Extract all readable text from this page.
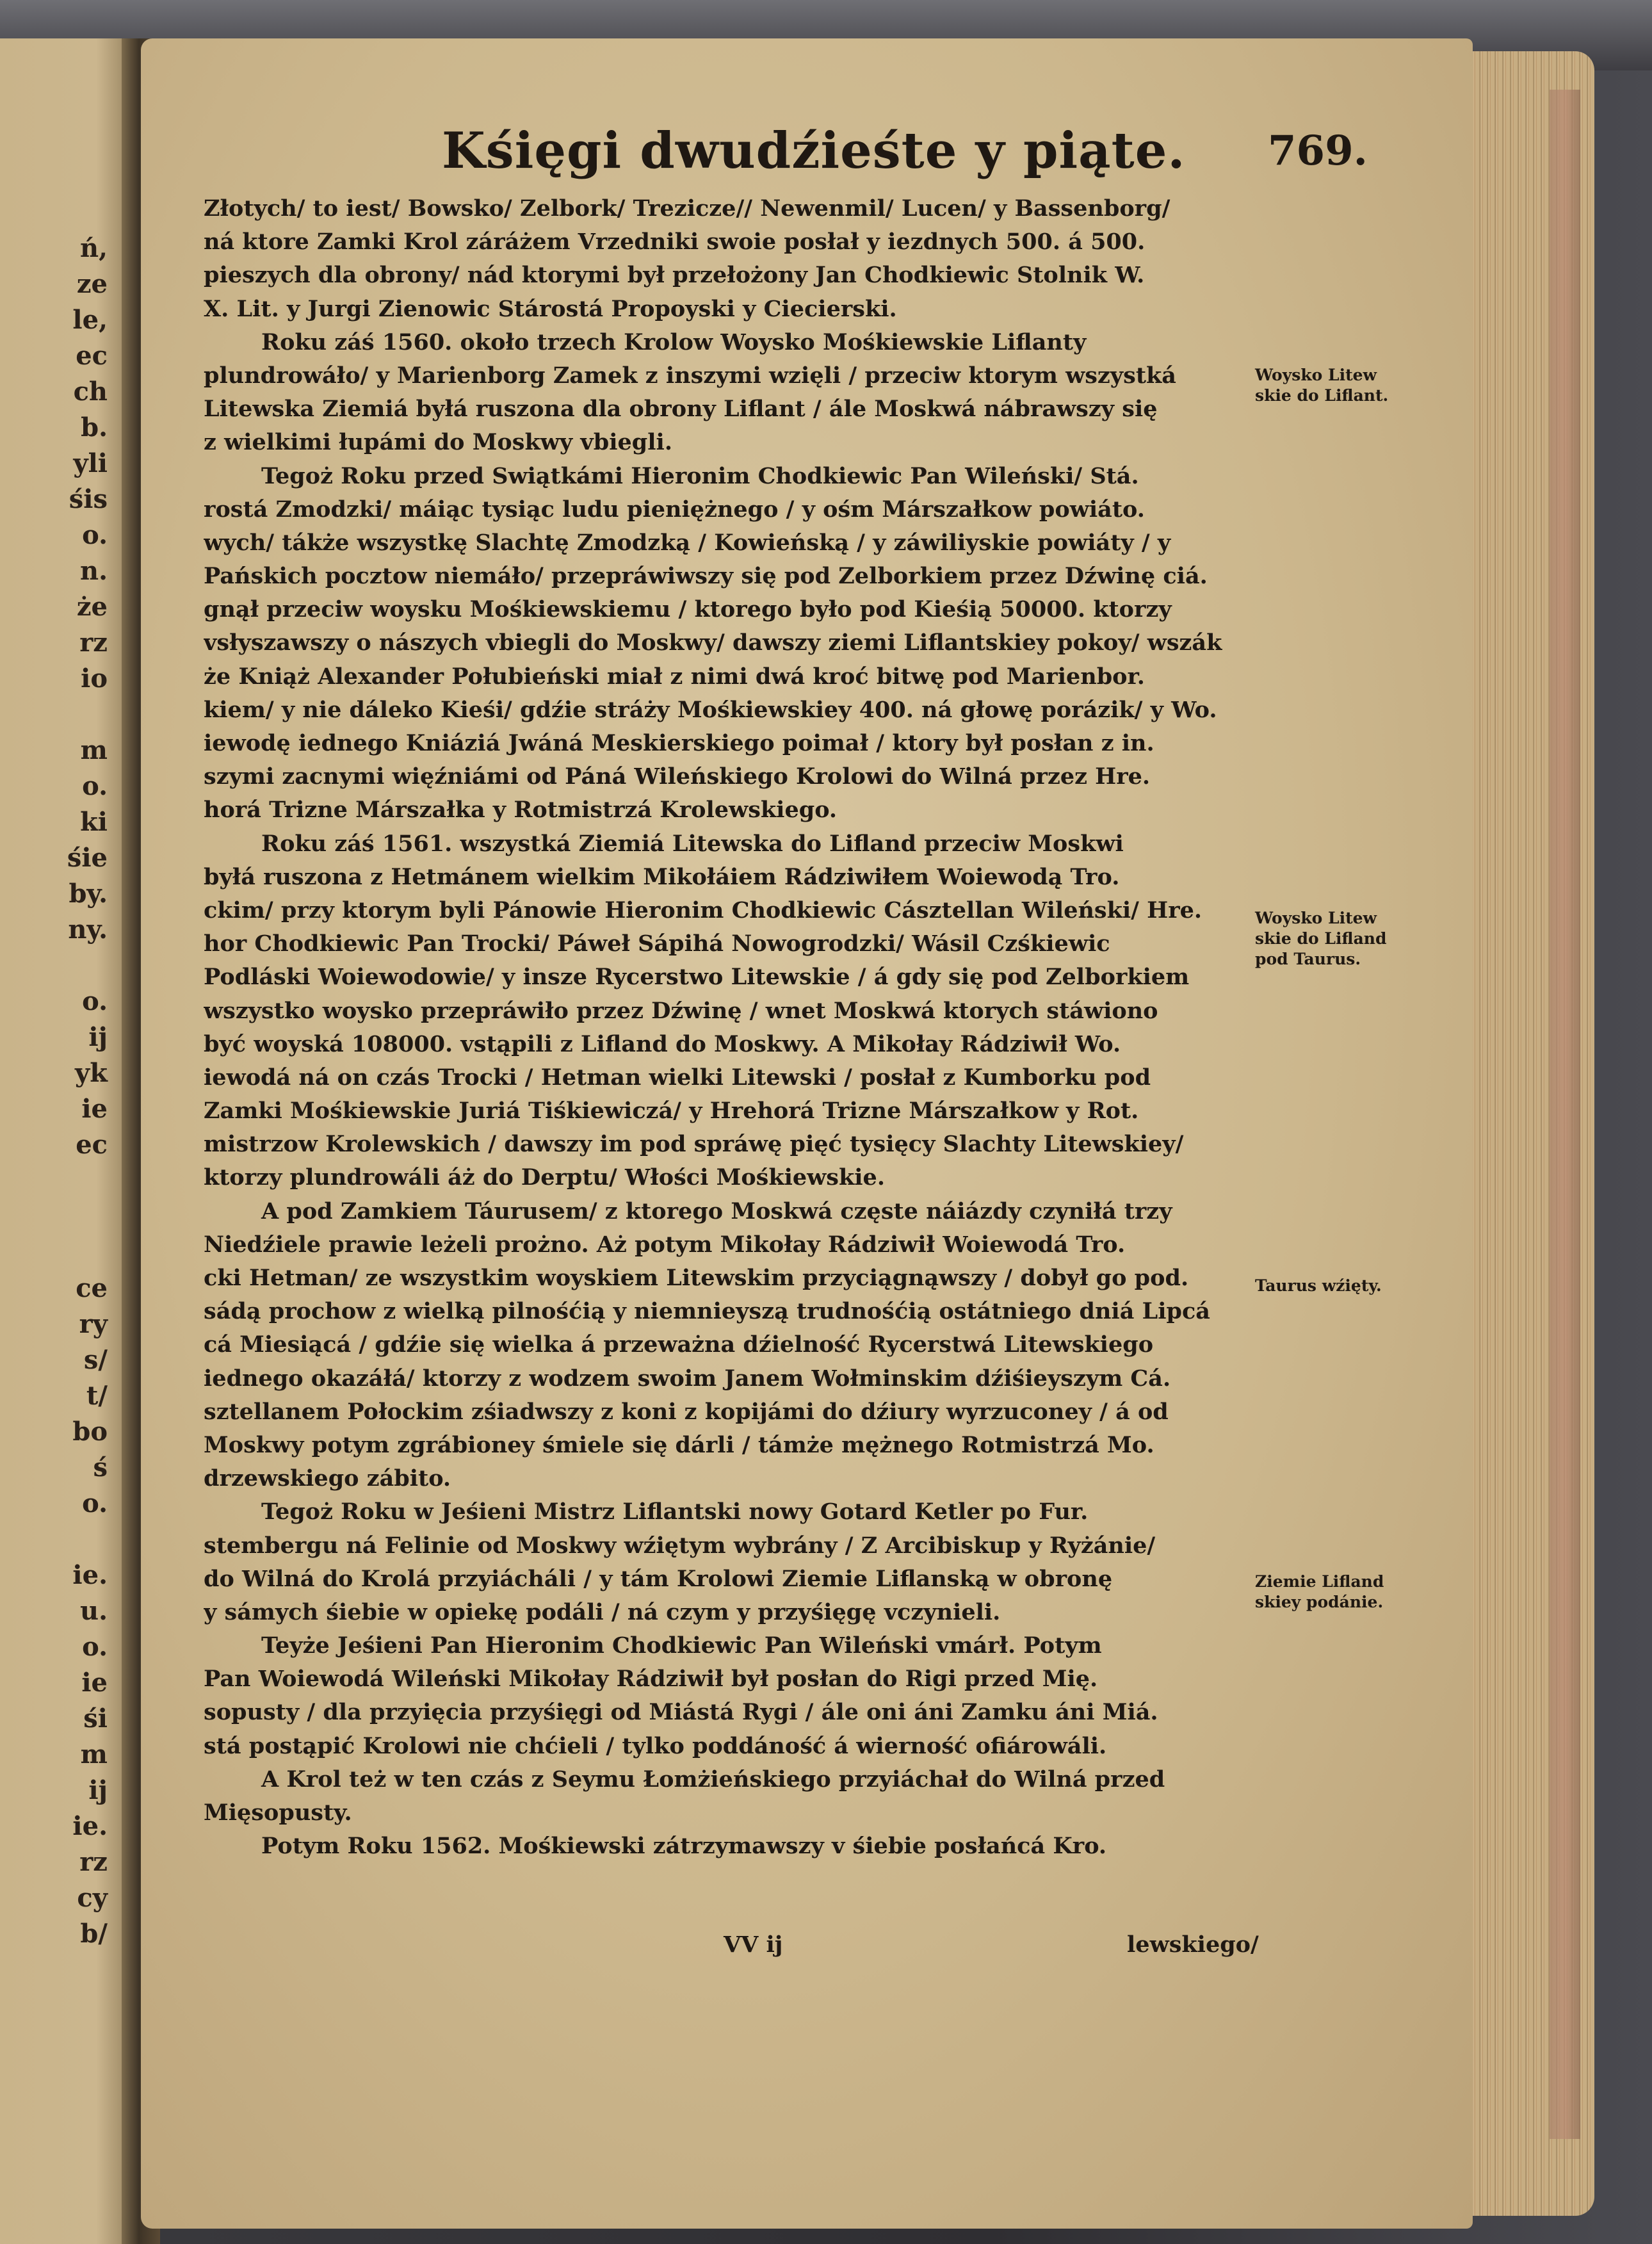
ń,
ze
le,
ec
ch
b.
yli
śis
o.
n.
że
rz
io
m
o.
ki
śie
by.
ny.
o.
ij
yk
ie
ec
ce
ry
s/
t/
bo
ś
o.
ie.
u.
o.
ie
śi
m
ij
ie.
rz
cy
b/
Kśięgi dwudźieśte y piąte. 769.
Złotych/ to iest/ Bowsko/ Zelbork/ Trezicze// Newenmil/ Lucen/ y Bassenborg/
ná ktore Zamki Krol záráżem Vrzedniki swoie posłał y iezdnych 500. á 500.
pieszych dla obrony/ nád ktorymi był przełożony Jan Chodkiewic Stolnik W.
X. Lit. y Jurgi Zienowic Stárostá Propoyski y Ciecierski.
Roku záś 1560. około trzech Krolow Woysko Mośkiewskie Liflanty
plundrowáło/ y Marienborg Zamek z inszymi wzięli / przeciw ktorym wszystká
Litewska Ziemiá byłá ruszona dla obrony Liflant / ále Moskwá nábrawszy się
z wielkimi łupámi do Moskwy vbiegli.
Tegoż Roku przed Swiątkámi Hieronim Chodkiewic Pan Wileński/ Stá.
rostá Zmodzki/ máiąc tysiąc ludu pieniężnego / y ośm Márszałkow powiáto.
wych/ tákże wszystkę Slachtę Zmodzką / Kowieńską / y záwiliyskie powiáty / y
Pańskich pocztow niemáło/ przepráwiwszy się pod Zelborkiem przez Dźwinę ciá.
gnął przeciw woysku Mośkiewskiemu / ktorego było pod Kieśią 50000. ktorzy
vsłyszawszy o nászych vbiegli do Moskwy/ dawszy ziemi Liflantskiey pokoy/ wszák
że Kniąż Alexander Połubieński miał z nimi dwá kroć bitwę pod Marienbor.
kiem/ y nie dáleko Kieśi/ gdźie stráży Mośkiewskiey 400. ná głowę porázik/ y Wo.
iewodę iednego Kniáziá Jwáná Meskierskiego poimał / ktory był posłan z in.
szymi zacnymi więźniámi od Páná Wileńskiego Krolowi do Wilná przez Hre.
horá Trizne Márszałka y Rotmistrzá Krolewskiego.
Roku záś 1561. wszystká Ziemiá Litewska do Lifland przeciw Moskwi
byłá ruszona z Hetmánem wielkim Mikołáiem Rádziwiłem Woiewodą Tro.
ckim/ przy ktorym byli Pánowie Hieronim Chodkiewic Cásztellan Wileński/ Hre.
hor Chodkiewic Pan Trocki/ Páweł Sápihá Nowogrodzki/ Wásil Czśkiewic
Podláski Woiewodowie/ y insze Rycerstwo Litewskie / á gdy się pod Zelborkiem
wszystko woysko przepráwiło przez Dźwinę / wnet Moskwá ktorych stáwiono
być woyská 108000. vstąpili z Lifland do Moskwy. A Mikołay Rádziwił Wo.
iewodá ná on czás Trocki / Hetman wielki Litewski / posłał z Kumborku pod
Zamki Mośkiewskie Juriá Tiśkiewiczá/ y Hrehorá Trizne Márszałkow y Rot.
mistrzow Krolewskich / dawszy im pod spráwę pięć tysięcy Slachty Litewskiey/
ktorzy plundrowáli áż do Derptu/ Włości Mośkiewskie.
A pod Zamkiem Táurusem/ z ktorego Moskwá częste náiázdy czyniłá trzy
Niedźiele prawie leżeli prożno. Aż potym Mikołay Rádziwił Woiewodá Tro.
cki Hetman/ ze wszystkim woyskiem Litewskim przyciągnąwszy / dobył go pod.
sádą prochow z wielką pilnośćią y niemnieyszą trudnośćią ostátniego dniá Lipcá
cá Miesiącá / gdźie się wielka á przeważna dźielność Rycerstwá Litewskiego
iednego okazáłá/ ktorzy z wodzem swoim Janem Wołminskim dźiśieyszym Cá.
sztellanem Połockim zśiadwszy z koni z kopijámi do dźiury wyrzuconey / á od
Moskwy potym zgrábioney śmiele się dárli / támże mężnego Rotmistrzá Mo.
drzewskiego zábito.
Tegoż Roku w Jeśieni Mistrz Liflantski nowy Gotard Ketler po Fur.
stembergu ná Felinie od Moskwy wźiętym wybrány / Z Arcibiskup y Ryżánie/
do Wilná do Krolá przyiácháli / y tám Krolowi Ziemie Liflanską w obronę
y sámych śiebie w opiekę podáli / ná czym y przyśięgę vczynieli.
Teyże Jeśieni Pan Hieronim Chodkiewic Pan Wileński vmárł. Potym
Pan Woiewodá Wileński Mikołay Rádziwił był posłan do Rigi przed Mię.
sopusty / dla przyięcia przyśięgi od Miástá Rygi / ále oni áni Zamku áni Miá.
stá postąpić Krolowi nie chćieli / tylko poddáność á wierność ofiárowáli.
A Krol też w ten czás z Seymu Łomżieńskiego przyiáchał do Wilná przed
Mięsopusty.
Potym Roku 1562. Mośkiewski zátrzymawszy v śiebie posłańcá Kro.
Woysko Litew
skie do Liflant.
Woysko Litew
skie do Lifland
pod Taurus.
Taurus wźięty.
Ziemie Lifland
skiey podánie.
VV ij	lewskiego/
